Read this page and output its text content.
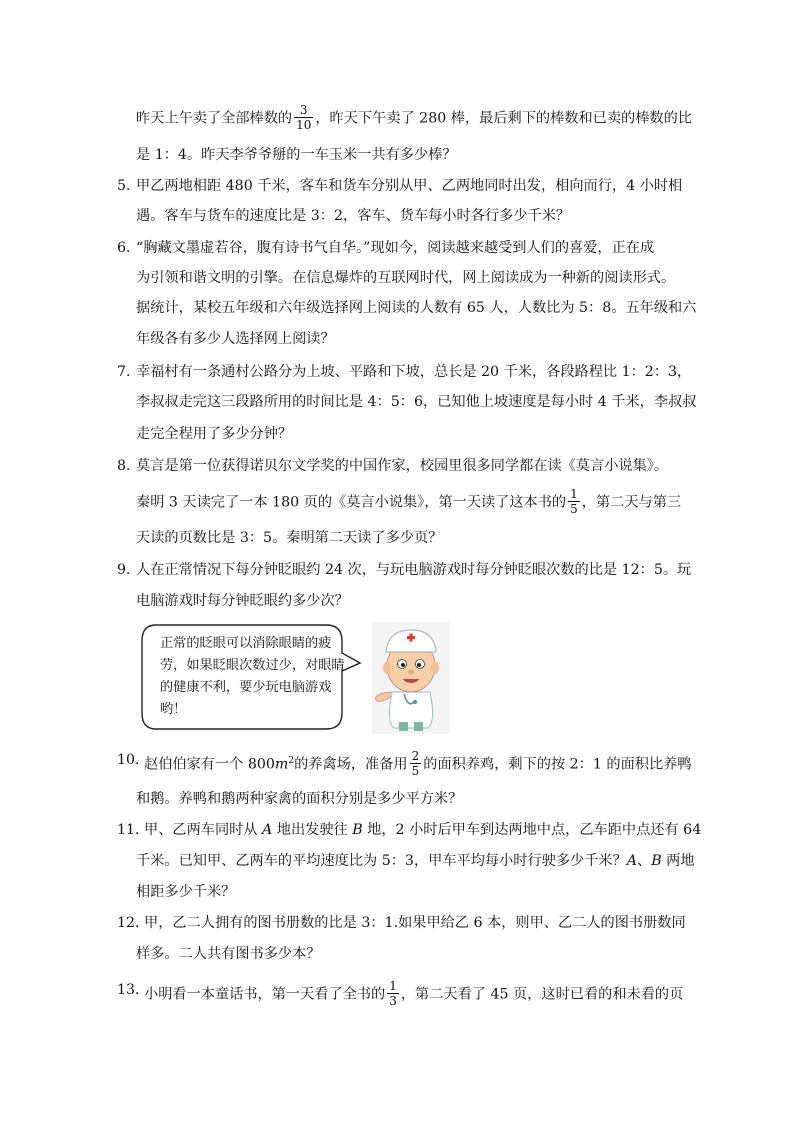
昨天上午卖了全部棒数的 $\frac{3}{10}$ ，昨天下午卖了 280 棒，最后剩下的棒数和已卖的棒数的比
是 1：4。昨天李爷爷掰的一车玉米一共有多少棒？
5．
甲乙两地相距 480 千米，客车和货车分别从甲、乙两地同时出发，相向而行，4 小时相
遇。客车与货车的速度比是 3：2，客车、货车每小时各行多少千米？
6．
“胸藏文墨虚若谷，腹有诗书气自华。”现如今，阅读越来越受到人们的喜爱，正在成
为引领和谐文明的引擎。在信息爆炸的互联网时代，网上阅读成为一种新的阅读形式。
据统计，某校五年级和六年级选择网上阅读的人数有 65 人，人数比为 5：8。五年级和六
年级各有多少人选择网上阅读？
7．
幸福村有一条通村公路分为上坡、平路和下坡，总长是 20 千米，各段路程比 1：2：3，
李叔叔走完这三段路所用的时间比是 4：5：6，已知他上坡速度是每小时 4 千米，李叔叔
走完全程用了多少分钟？
8．
莫言是第一位获得诺贝尔文学奖的中国作家，校园里很多同学都在读《莫言小说集》。
秦明 3 天读完了一本 180 页的《莫言小说集》，第一天读了这本书的 $\frac{1}{5}$ ，第二天与第三
天读的页数比是 3：5。秦明第二天读了多少页？
9．
人在正常情况下每分钟眨眼约 24 次，与玩电脑游戏时每分钟眨眼次数的比是 12：5。玩
电脑游戏时每分钟眨眼约多少次？
正常的眨眼可以消除眼睛的疲劳，如果眨眼次数过少，对眼睛的健康不利，要少玩电脑游戏哟！
10．
赵伯伯家有一个 $800m^2$的养禽场，准备用 $\frac{2}{5}$ 的面积养鸡，剩下的按 2：1 的面积比养鸭
和鹅。养鸭和鹅两种家禽的面积分别是多少平方米？
11．
甲、乙两车同时从 A 地出发驶往 B 地，2 小时后甲车到达两地中点，乙车距中点还有 64
千米。已知甲、乙两车的平均速度比为 5：3，甲车平均每小时行驶多少千米？A、B 两地
相距多少千米？
12．
甲，乙二人拥有的图书册数的比是 3：1.如果甲给乙 6 本，则甲、乙二人的图书册数同
样多。二人共有图书多少本？
13．
小明看一本童话书，第一天看了全书的 $\frac{1}{3}$ ，第二天看了 45 页，这时已看的和未看的页
